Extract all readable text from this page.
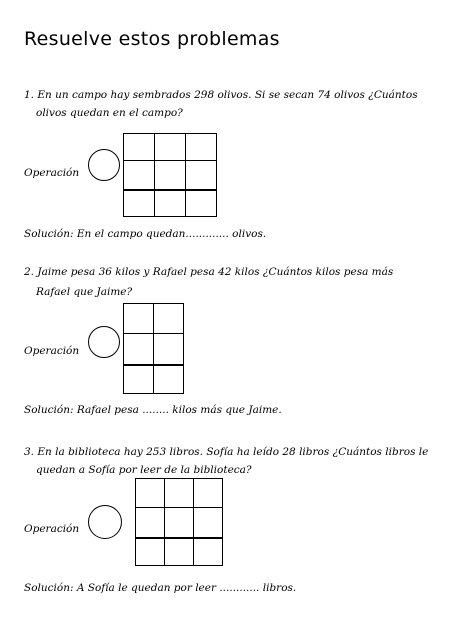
Resuelve estos problemas
1. En un campo hay sembrados 298 olivos. Si se secan 74 olivos ¿Cuántos
olivos quedan en el campo?
Operación

Solución: En el campo quedan............. olivos.
2. Jaime pesa 36 kilos y Rafael pesa 42 kilos ¿Cuántos kilos pesa más
Rafael que Jaime?
Operación

Solución: Rafael pesa ........ kilos más que Jaime.
3. En la biblioteca hay 253 libros. Sofía ha leído 28 libros ¿Cuántos libros le
quedan a Sofía por leer de la biblioteca?
Operación

Solución: A Sofía le quedan por leer ............ libros.
